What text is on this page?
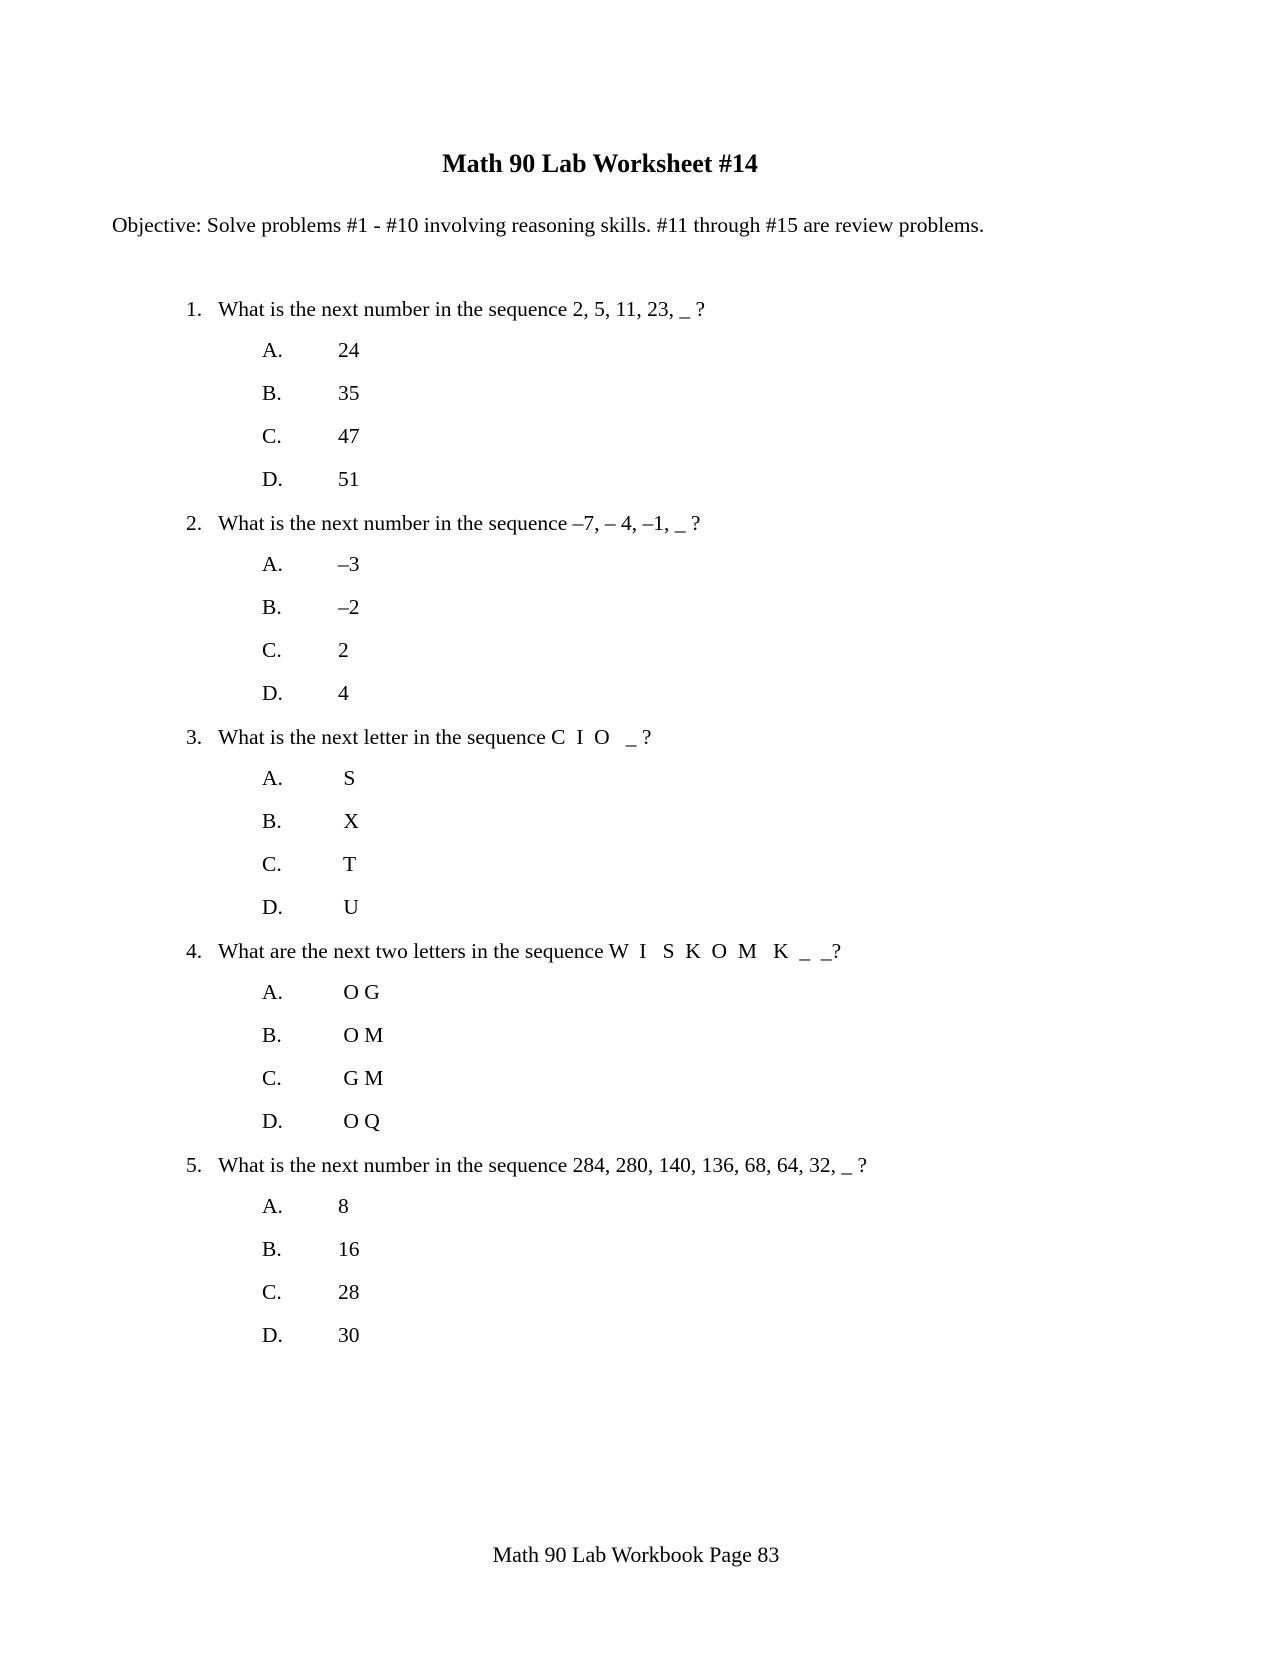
Math 90 Lab Worksheet #14
Objective: Solve problems #1 - #10 involving reasoning skills. #11 through #15 are review problems.
1. What is the next number in the sequence 2, 5, 11, 23, _ ?
A.	24
B.	35
C.	47
D.	51
2. What is the next number in the sequence –7, – 4, –1, _ ?
A.	–3
B.	–2
C.	2
D.	4
3. What is the next letter in the sequence C  I  O   _ ?
A.	S
B.	X
C.	T
D.	U
4. What are the next two letters in the sequence W  I   S  K  O  M   K  _  _?
A.	O G
B.	O M
C.	G M
D.	O Q
5. What is the next number in the sequence 284, 280, 140, 136, 68, 64, 32, _ ?
A.	8
B.	16
C.	28
D.	30
Math 90 Lab Workbook Page 83
